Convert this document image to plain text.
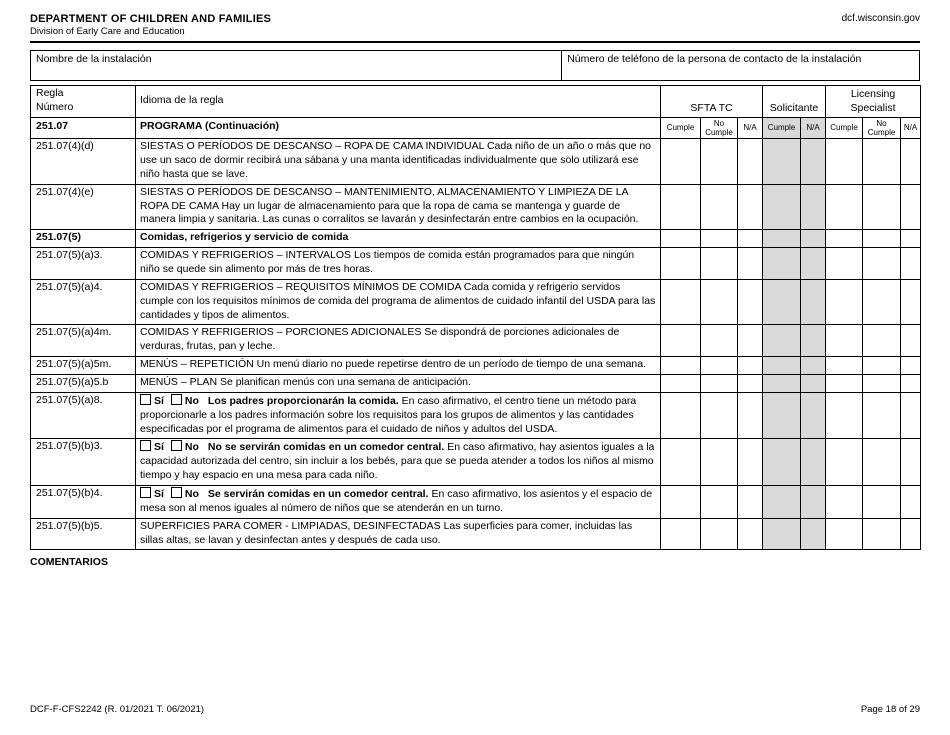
DEPARTMENT OF CHILDREN AND FAMILIES
Division of Early Care and Education
dcf.wisconsin.gov
Nombre de la instalación	Número de teléfono de la persona de contacto de la instalación
Regla
Número	Idioma de la regla	SFTA TC			Solicitante		Licensing
Specialist		

251.07	PROGRAMA (Continuación)	Cumple	No Cumple	N/A	Cumple	N/A	Cumple	No Cumple	N/A
251.07(4)(d)	SIESTAS O PERÍODOS DE DESCANSO – ROPA DE CAMA INDIVIDUAL Cada niño de un año o más que no use un saco de dormir recibirá una sábana y una manta identificadas individualmente que solo utilizará ese niño hasta que se lave.								
251.07(4)(e)	SIESTAS O PERÍODOS DE DESCANSO – MANTENIMIENTO, ALMACENAMIENTO Y LIMPIEZA DE LA ROPA DE CAMA Hay un lugar de almacenamiento para que la ropa de cama se mantenga y guarde de manera limpia y sanitaria. Las cunas o corralitos se lavarán y desinfectarán entre cambios en la ocupación.								
251.07(5)	Comidas, refrigerios y servicio de comida								
251.07(5)(a)3.	COMIDAS Y REFRIGERIOS – INTERVALOS Los tiempos de comida están programados para que ningún niño se quede sin alimento por más de tres horas.								
251.07(5)(a)4.	COMIDAS Y REFRIGERIOS – REQUISITOS MÍNIMOS DE COMIDA Cada comida y refrigerio servidos cumple con los requisitos mínimos de comida del programa de alimentos de cuidado infantil del USDA para las cantidades y tipos de alimentos.								
251.07(5)(a)4m.	COMIDAS Y REFRIGERIOS – PORCIONES ADICIONALES Se dispondrá de porciones adicionales de verduras, frutas, pan y leche.								
251.07(5)(a)5m.	MENÚS – REPETICIÓN Un menú diario no puede repetirse dentro de un período de tiempo de una semana.								
251.07(5)(a)5.b	MENÚS – PLAN Se planifican menús con una semana de anticipación.								
251.07(5)(a)8.	Sí No Los padres proporcionarán la comida. En caso afirmativo, el centro tiene un método para proporcionarle a los padres información sobre los requisitos para los grupos de alimentos y las cantidades especificadas por el programa de alimentos para el cuidado de niños y adultos del USDA.								
251.07(5)(b)3.	Sí No No se servirán comidas en un comedor central. En caso afirmativo, hay asientos iguales a la capacidad autorizada del centro, sin incluir a los bebés, para que se pueda atender a todos los niños al mismo tiempo y hay espacio en una mesa para cada niño.								
251.07(5)(b)4.	Sí No Se servirán comidas en un comedor central. En caso afirmativo, los asientos y el espacio de mesa son al menos iguales al número de niños que se atenderán en un turno.								
251.07(5)(b)5.	SUPERFICIES PARA COMER - LIMPIADAS, DESINFECTADAS Las superficies para comer, incluidas las sillas altas, se lavan y desinfectan antes y después de cada uso.								
COMENTARIOS
DCF-F-CFS2242 (R. 01/2021 T. 06/2021)	Page 18 of 29
